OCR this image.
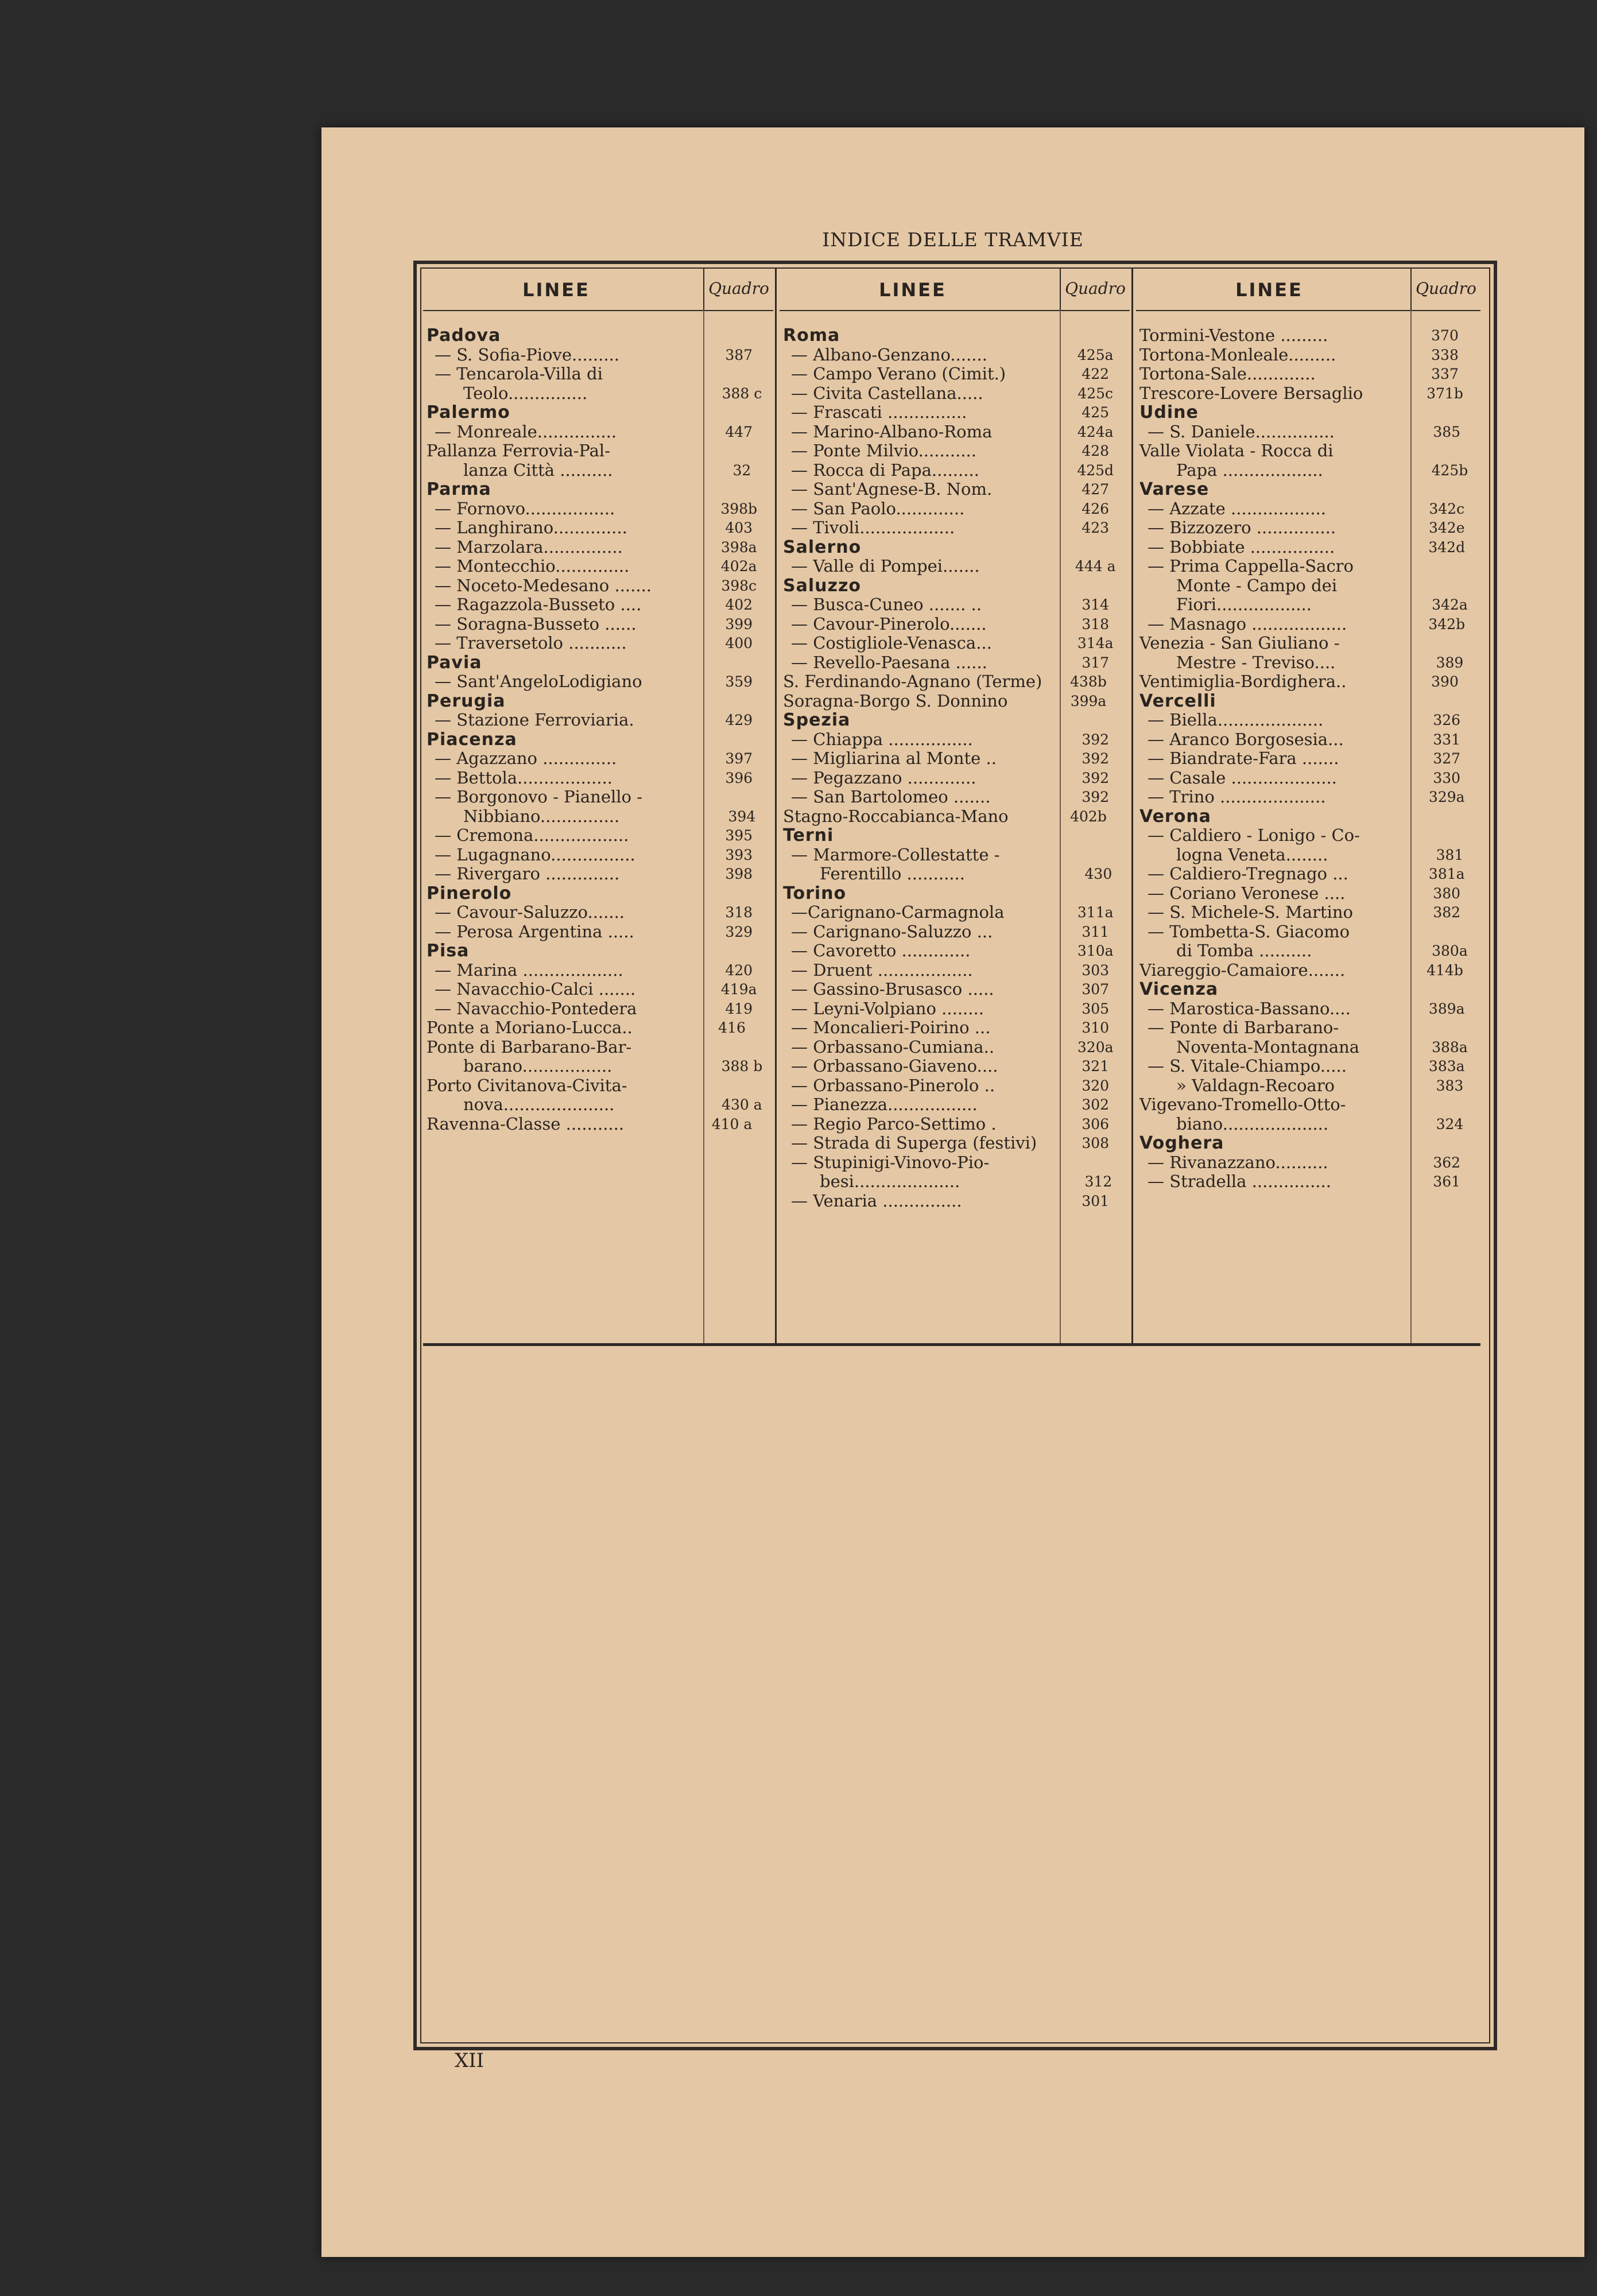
INDICE DELLE TRAMVIE
LINEE	Quadro
Padova
— S. Sofia-Piove.........	387
— Tencarola-Villa di
Teolo...............	388 c
Palermo
— Monreale...............	447
Pallanza Ferrovia-Pal-
lanza Città ..........	32
Parma
— Fornovo.................	398b
— Langhirano..............	403
— Marzolara...............	398a
— Montecchio..............	402a
— Noceto-Medesano .......	398c
— Ragazzola-Busseto ....	402
— Soragna-Busseto ......	399
— Traversetolo ...........	400
Pavia
— Sant'AngeloLodigiano	359
Perugia
— Stazione Ferroviaria.	429
Piacenza
— Agazzano ..............	397
— Bettola..................	396
— Borgonovo - Pianello -
Nibbiano...............	394
— Cremona..................	395
— Lugagnano................	393
— Rivergaro ..............	398
Pinerolo
— Cavour-Saluzzo.......	318
— Perosa Argentina .....	329
Pisa
— Marina ...................	420
— Navacchio-Calci .......	419a
— Navacchio-Pontedera	419
Ponte a Moriano-Lucca..	416
Ponte di Barbarano-Bar-
barano.................	388 b
Porto Civitanova-Civita-
nova.....................	430 a
Ravenna-Classe ...........	410 a
LINEE	Quadro
Roma
— Albano-Genzano.......	425a
— Campo Verano (Cimit.)	422
— Civita Castellana.....	425c
— Frascati ...............	425
— Marino-Albano-Roma	424a
— Ponte Milvio...........	428
— Rocca di Papa.........	425d
— Sant'Agnese-B. Nom.	427
— San Paolo.............	426
— Tivoli..................	423
Salerno
— Valle di Pompei.......	444 a
Saluzzo
— Busca-Cuneo ....... ..	314
— Cavour-Pinerolo.......	318
— Costigliole-Venasca...	314a
— Revello-Paesana ......	317
S. Ferdinando-Agnano (Terme)	438b
Soragna-Borgo S. Donnino	399a
Spezia
— Chiappa ................	392
— Migliarina al Monte ..	392
— Pegazzano .............	392
— San Bartolomeo .......	392
Stagno-Roccabianca-Mano	402b
Terni
— Marmore-Collestatte -
Ferentillo ...........	430
Torino
—Carignano-Carmagnola	311a
— Carignano-Saluzzo ...	311
— Cavoretto .............	310a
— Druent ..................	303
— Gassino-Brusasco .....	307
— Leyni-Volpiano ........	305
— Moncalieri-Poirino ...	310
— Orbassano-Cumiana..	320a
— Orbassano-Giaveno....	321
— Orbassano-Pinerolo ..	320
— Pianezza.................	302
— Regio Parco-Settimo .	306
— Strada di Superga (festivi)	308
— Stupinigi-Vinovo-Pio-
besi....................	312
— Venaria ...............	301
LINEE	Quadro
Tormini-Vestone .........	370
Tortona-Monleale.........	338
Tortona-Sale.............	337
Trescore-Lovere Bersaglio	371b
Udine
— S. Daniele...............	385
Valle Violata - Rocca di
Papa ...................	425b
Varese
— Azzate ..................	342c
— Bizzozero ...............	342e
— Bobbiate ................	342d
— Prima Cappella-Sacro
Monte - Campo dei
Fiori..................	342a
— Masnago ..................	342b
Venezia - San Giuliano -
Mestre - Treviso....	389
Ventimiglia-Bordighera..	390
Vercelli
— Biella....................	326
— Aranco Borgosesia...	331
— Biandrate-Fara .......	327
— Casale ....................	330
— Trino ....................	329a
Verona
— Caldiero - Lonigo - Co-
logna Veneta........	381
— Caldiero-Tregnago ...	381a
— Coriano Veronese ....	380
— S. Michele-S. Martino	382
— Tombetta-S. Giacomo
di Tomba ..........	380a
Viareggio-Camaiore.......	414b
Vicenza
— Marostica-Bassano....	389a
— Ponte di Barbarano-
Noventa-Montagnana	388a
— S. Vitale-Chiampo.....	383a
» Valdagn-Recoaro	383
Vigevano-Tromello-Otto-
biano....................	324
Voghera
— Rivanazzano..........	362
— Stradella ...............	361
XII
